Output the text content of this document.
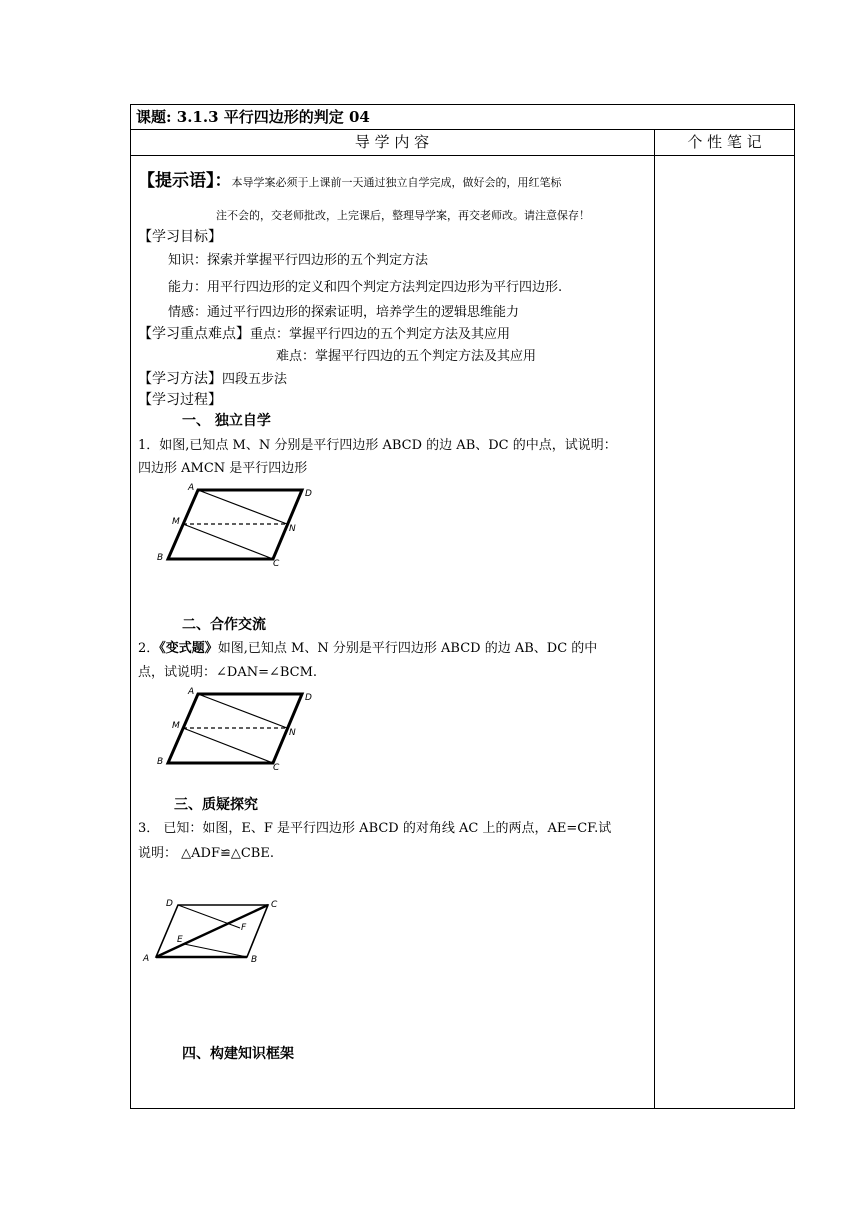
课题: 3.1.3 平行四边形的判定 04
导 学 内 容	个 性 笔 记
【提示语】：本导学案必须于上课前一天通过独立自学完成，做好会的，用红笔标
注不会的，交老师批改，上完课后，整理导学案，再交老师改。请注意保存！
【学习目标】
知识：探索并掌握平行四边形的五个判定方法
能力：用平行四边形的定义和四个判定方法判定四边形为平行四边形.
情感：通过平行四边形的探索证明，培养学生的逻辑思维能力
【学习重点难点】重点：掌握平行四边的五个判定方法及其应用
难点：掌握平行四边的五个判定方法及其应用
【学习方法】四段五步法
【学习过程】
一、 独立自学
1．如图,已知点 M、N 分别是平行四边形 ABCD 的边 AB、DC 的中点，试说明：
四边形 AMCN 是平行四边形
A
D
M
N
B
C
二、合作交流
2．《变式题》如图,已知点 M、N 分别是平行四边形 ABCD 的边 AB、DC 的中
点，试说明：∠DAN=∠BCM.
A
D
M
N
B
C
三、质疑探究
3． 已知：如图，E、F 是平行四边形 ABCD 的对角线 AC 上的两点，AE=CF.试
说明： △ADF≌△CBE.
D	C
F
E
A	B
四、构建知识框架
